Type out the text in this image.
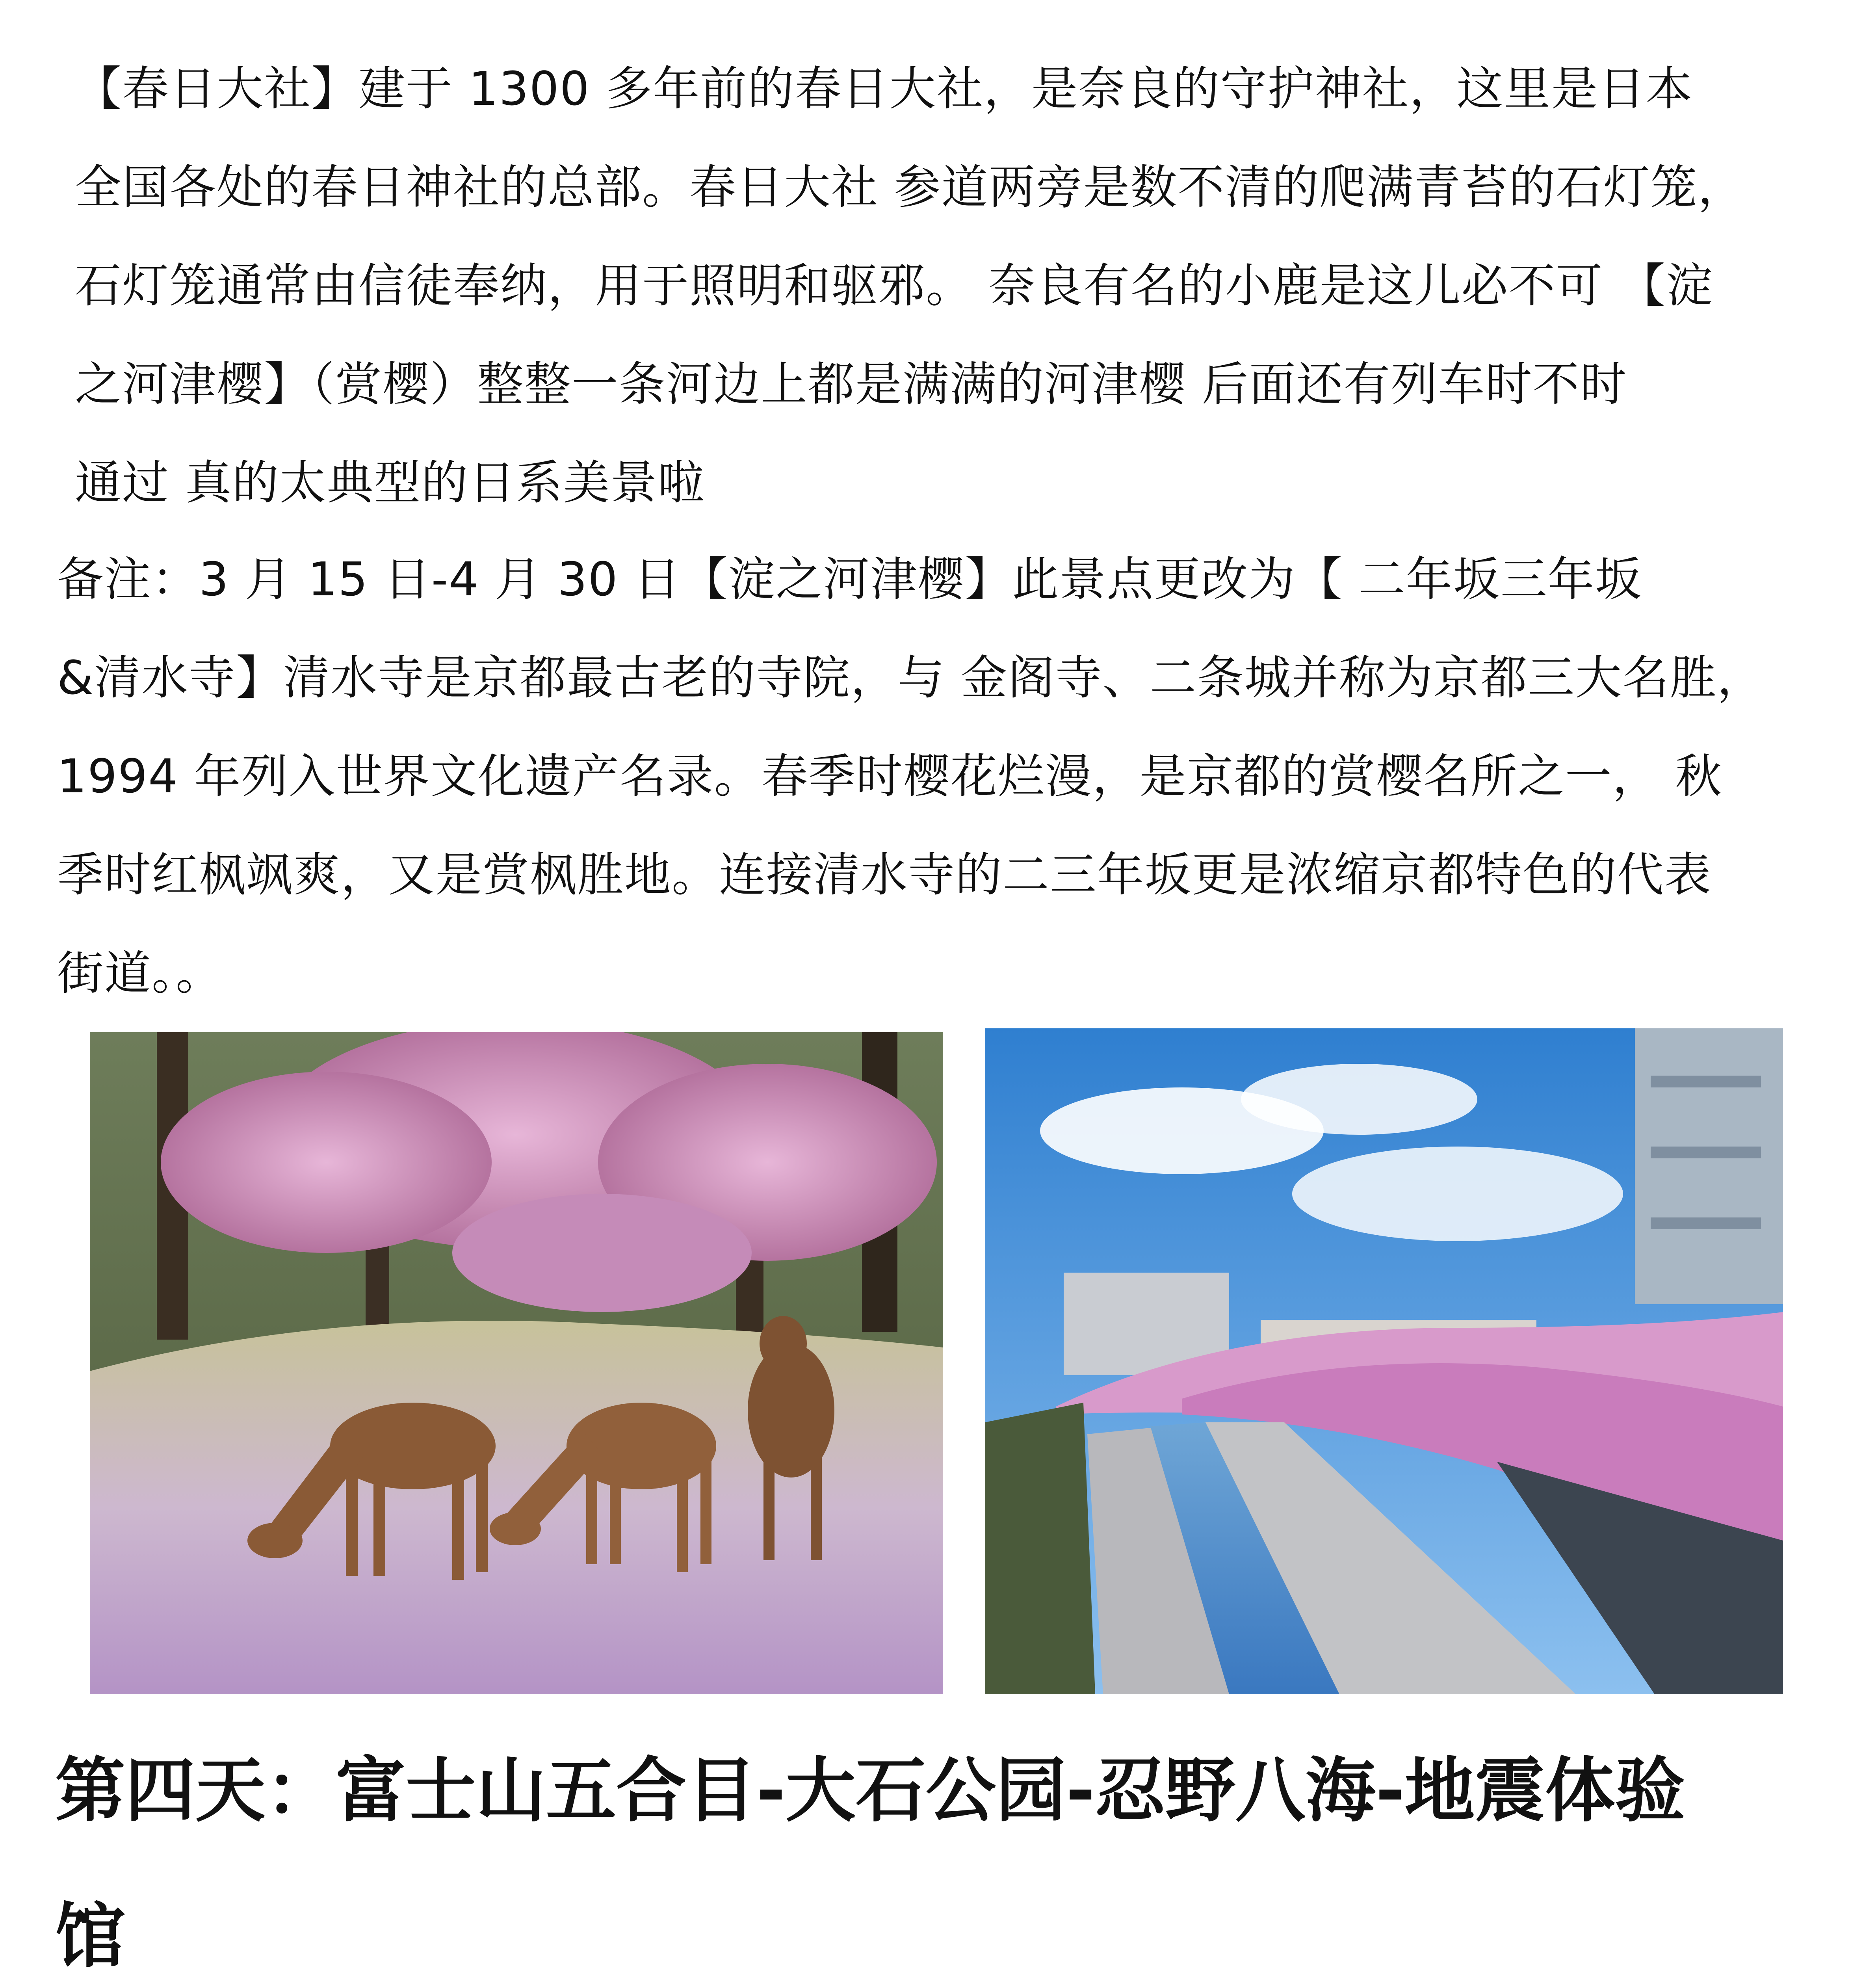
【春日大社】建于 1300 多年前的春日大社，是奈良的守护神社，这里是日本
全国各处的春日神社的总部。春日大社 参道两旁是数不清的爬满青苔的石灯笼，
石灯笼通常由信徒奉纳，用于照明和驱邪。 奈良有名的小鹿是这儿必不可 【淀
之河津樱】（赏樱）整整一条河边上都是满满的河津樱 后面还有列车时不时
通过 真的太典型的日系美景啦
备注：3 月 15 日-4 月 30 日【淀之河津樱】此景点更改为【 二年坂三年坂
&清水寺】清水寺是京都最古老的寺院，与 金阁寺、二条城并称为京都三大名胜，
1994 年列入世界文化遗产名录。春季时樱花烂漫，是京都的赏樱名所之一， 秋
季时红枫飒爽，又是赏枫胜地。连接清水寺的二三年坂更是浓缩京都特色的代表
街道。。
第四天：富士山五合目-大石公园-忍野八海-地震体验
馆
